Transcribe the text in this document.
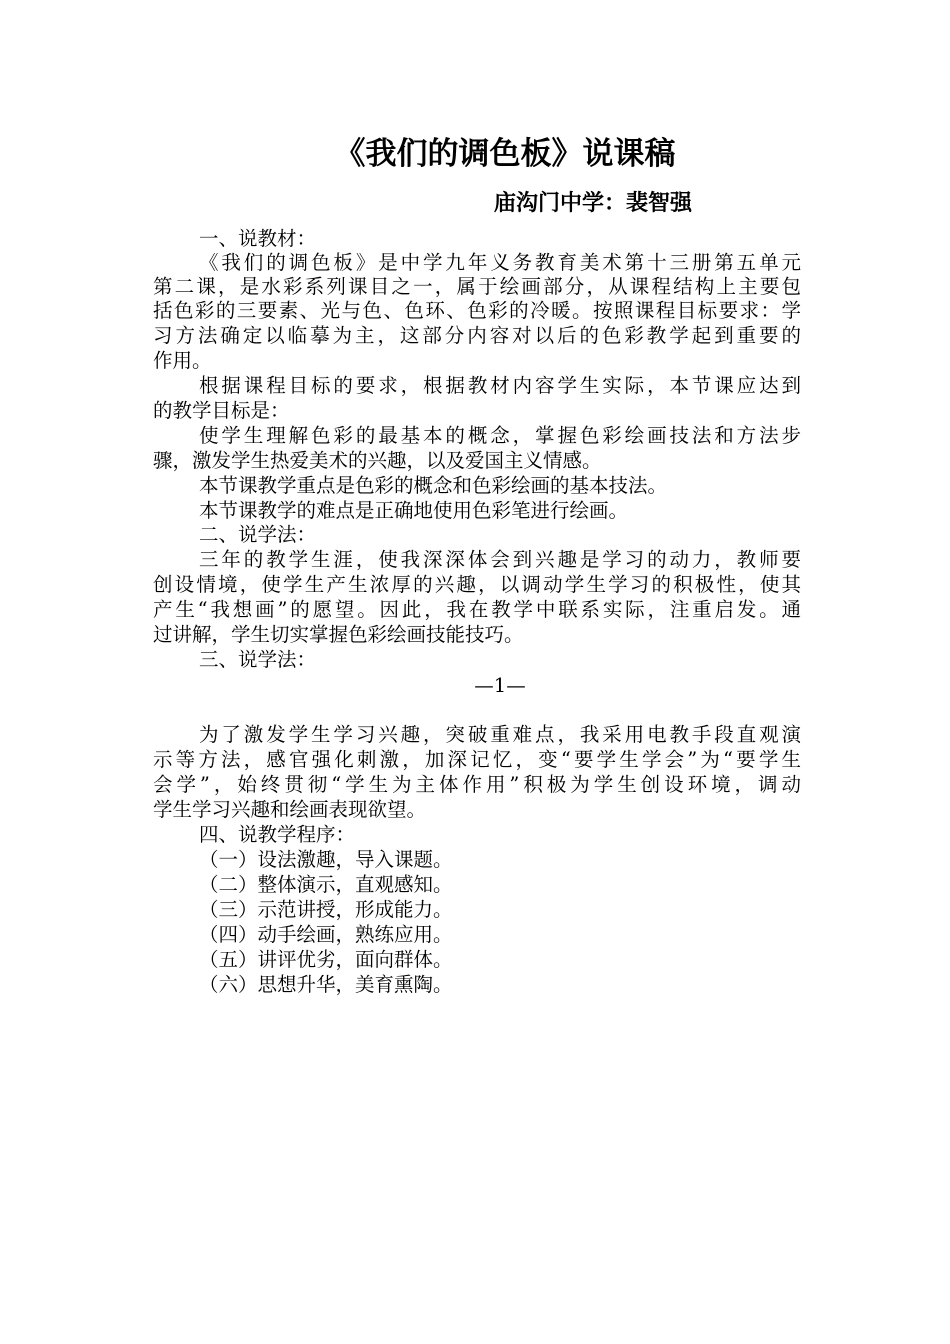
《我们的调色板》说课稿
庙沟门中学：裴智强
一、说教材：
《我们的调色板》是中学九年义务教育美术第十三册第五单元
第二课，是水彩系列课目之一，属于绘画部分，从课程结构上主要包
括色彩的三要素、光与色、色环、色彩的冷暖。按照课程目标要求：学
习方法确定以临摹为主，这部分内容对以后的色彩教学起到重要的
作用。
根据课程目标的要求，根据教材内容学生实际，本节课应达到
的教学目标是：
使学生理解色彩的最基本的概念，掌握色彩绘画技法和方法步
骤，激发学生热爱美术的兴趣，以及爱国主义情感。
本节课教学重点是色彩的概念和色彩绘画的基本技法。
本节课教学的难点是正确地使用色彩笔进行绘画。
二、说学法：
三年的教学生涯，使我深深体会到兴趣是学习的动力，教师要
创设情境，使学生产生浓厚的兴趣，以调动学生学习的积极性，使其
产生“我想画”的愿望。因此，我在教学中联系实际，注重启发。通
过讲解，学生切实掌握色彩绘画技能技巧。
三、说学法：
—1—
为了激发学生学习兴趣，突破重难点，我采用电教手段直观演
示等方法，感官强化刺激，加深记忆，变“要学生学会”为“要学生
会学”，始终贯彻“学生为主体作用”积极为学生创设环境，调动
学生学习兴趣和绘画表现欲望。
四、说教学程序：
（一）设法激趣，导入课题。
（二）整体演示，直观感知。
（三）示范讲授，形成能力。
（四）动手绘画，熟练应用。
（五）讲评优劣，面向群体。
（六）思想升华，美育熏陶。
